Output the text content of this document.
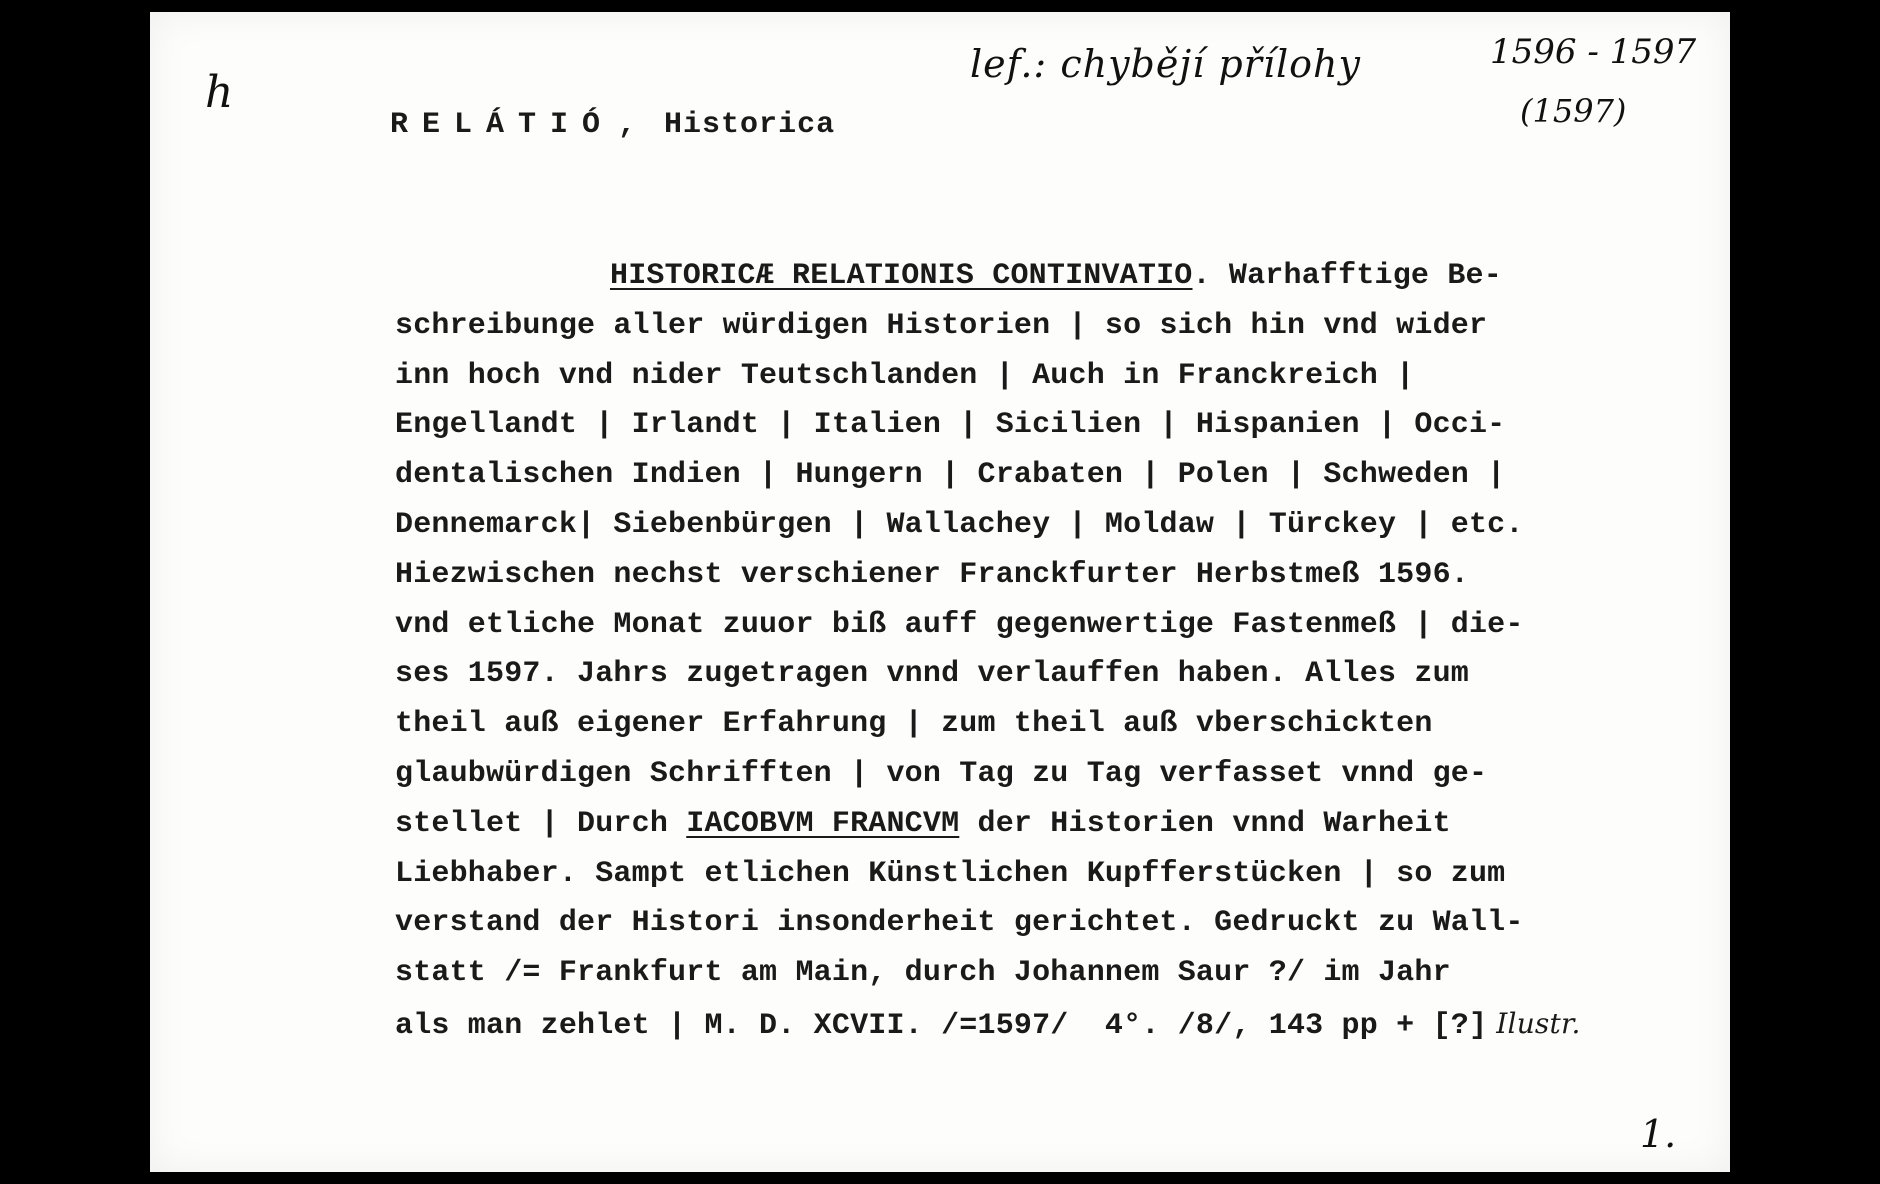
h
RELÁTIÓ , Historica
lef.: chybějí přílohy	1596 - 1597
(1597)
HISTORICÆ RELATIONIS CONTINVATIO. Warhafftige Be-
schreibunge aller würdigen Historien | so sich hin vnd wider
inn hoch vnd nider Teutschlanden | Auch in Franckreich |
Engellandt | Irlandt | Italien | Sicilien | Hispanien | Occi-
dentalischen Indien | Hungern | Crabaten | Polen | Schweden |
Dennemarck| Siebenbürgen | Wallachey | Moldaw | Türckey | etc.
Hiezwischen nechst verschiener Franckfurter Herbstmeß 1596.
vnd etliche Monat zuuor biß auff gegenwertige Fastenmeß | die-
ses 1597. Jahrs zugetragen vnnd verlauffen haben. Alles zum
theil auß eigener Erfahrung | zum theil auß vberschickten
glaubwürdigen Schrifften | von Tag zu Tag verfasset vnnd ge-
stellet | Durch IACOBVM FRANCVM der Historien vnnd Warheit
Liebhaber. Sampt etlichen Künstlichen Kupfferstücken | so zum
verstand der Histori insonderheit gerichtet. Gedruckt zu Wall-
statt /= Frankfurt am Main, durch Johannem Saur ?/ im Jahr
als man zehlet | M. D. XCVII. /=1597/  4°. /8/, 143 pp + [?] Ilustr.
1.
